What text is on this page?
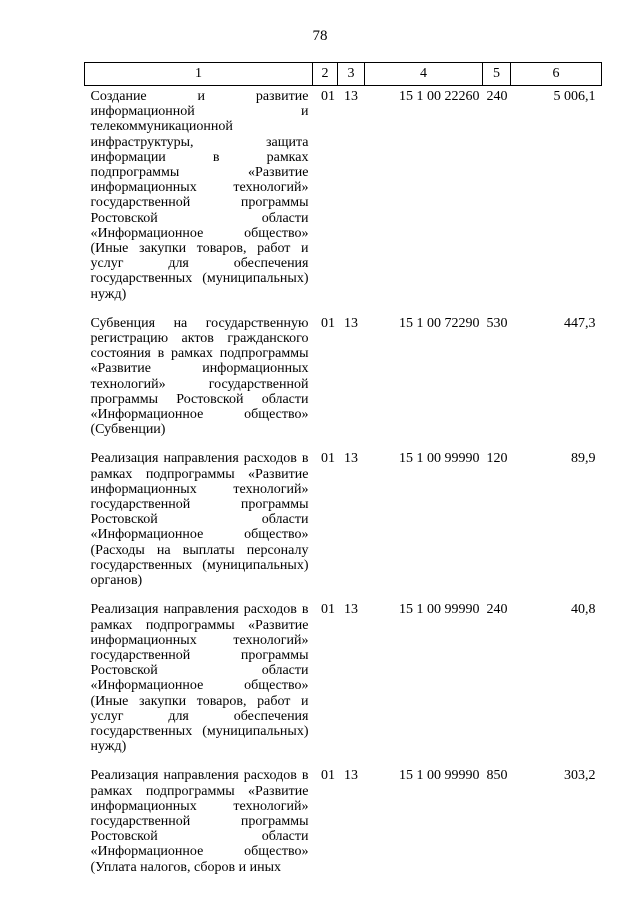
78
1	2	3	4	5	6
Создание и развитие информационной и телекоммуникационной инфраструктуры, защита информации в рамках подпрограммы «Развитие информационных технологий» государственной программы Ростовской области «Информационное общество» (Иные закупки товаров, работ и услуг для обеспечения государственных (муниципальных) нужд)	01	13	15 1 00 22260	240	5 006,1
Субвенция на государственную регистрацию актов гражданского состояния в рамках подпрограммы «Развитие информационных технологий» государственной программы Ростовской области «Информационное общество» (Субвенции)	01	13	15 1 00 72290	530	447,3
Реализация направления расходов в рамках подпрограммы «Развитие информационных технологий» государственной программы Ростовской области «Информационное общество» (Расходы на выплаты персоналу государственных (муниципальных) органов)	01	13	15 1 00 99990	120	89,9
Реализация направления расходов в рамках подпрограммы «Развитие информационных технологий» государственной программы Ростовской области «Информационное общество» (Иные закупки товаров, работ и услуг для обеспечения государственных (муниципальных) нужд)	01	13	15 1 00 99990	240	40,8
Реализация направления расходов в рамках подпрограммы «Развитие информационных технологий» государственной программы Ростовской области «Информационное общество» (Уплата налогов, сборов и иных	01	13	15 1 00 99990	850	303,2
